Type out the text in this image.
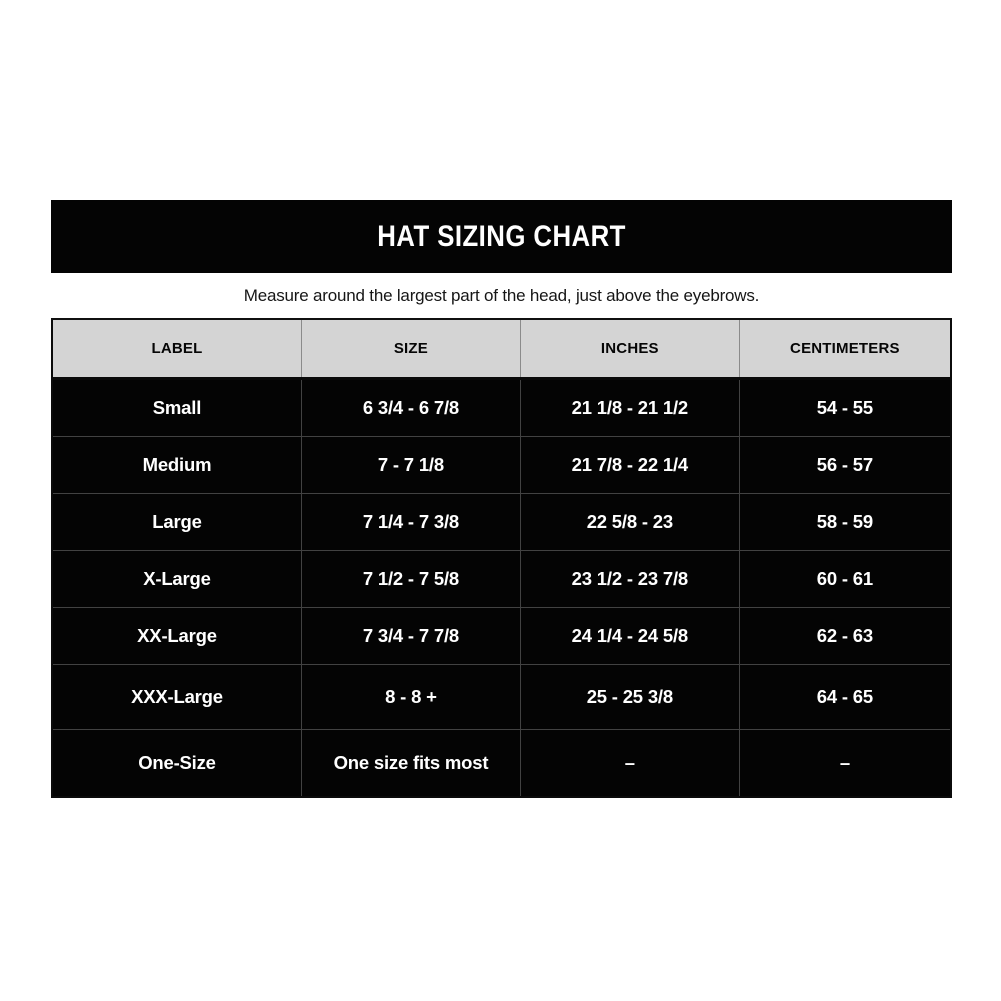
HAT SIZING CHART

Measure around the largest part of the head, just above the eyebrows.

LABEL	SIZE	INCHES	CENTIMETERS
Small	6 3/4 - 6 7/8	21 1/8 - 21 1/2	54 - 55
Medium	7 - 7 1/8	21 7/8 - 22 1/4	56 - 57
Large	7 1/4 - 7 3/8	22 5/8 - 23	58 - 59
X-Large	7 1/2 - 7 5/8	23 1/2 - 23 7/8	60 - 61
XX-Large	7 3/4 - 7 7/8	24 1/4 - 24 5/8	62 - 63
XXX-Large	8 - 8 +	25 - 25 3/8	64 - 65
One-Size	One size fits most	–	–
